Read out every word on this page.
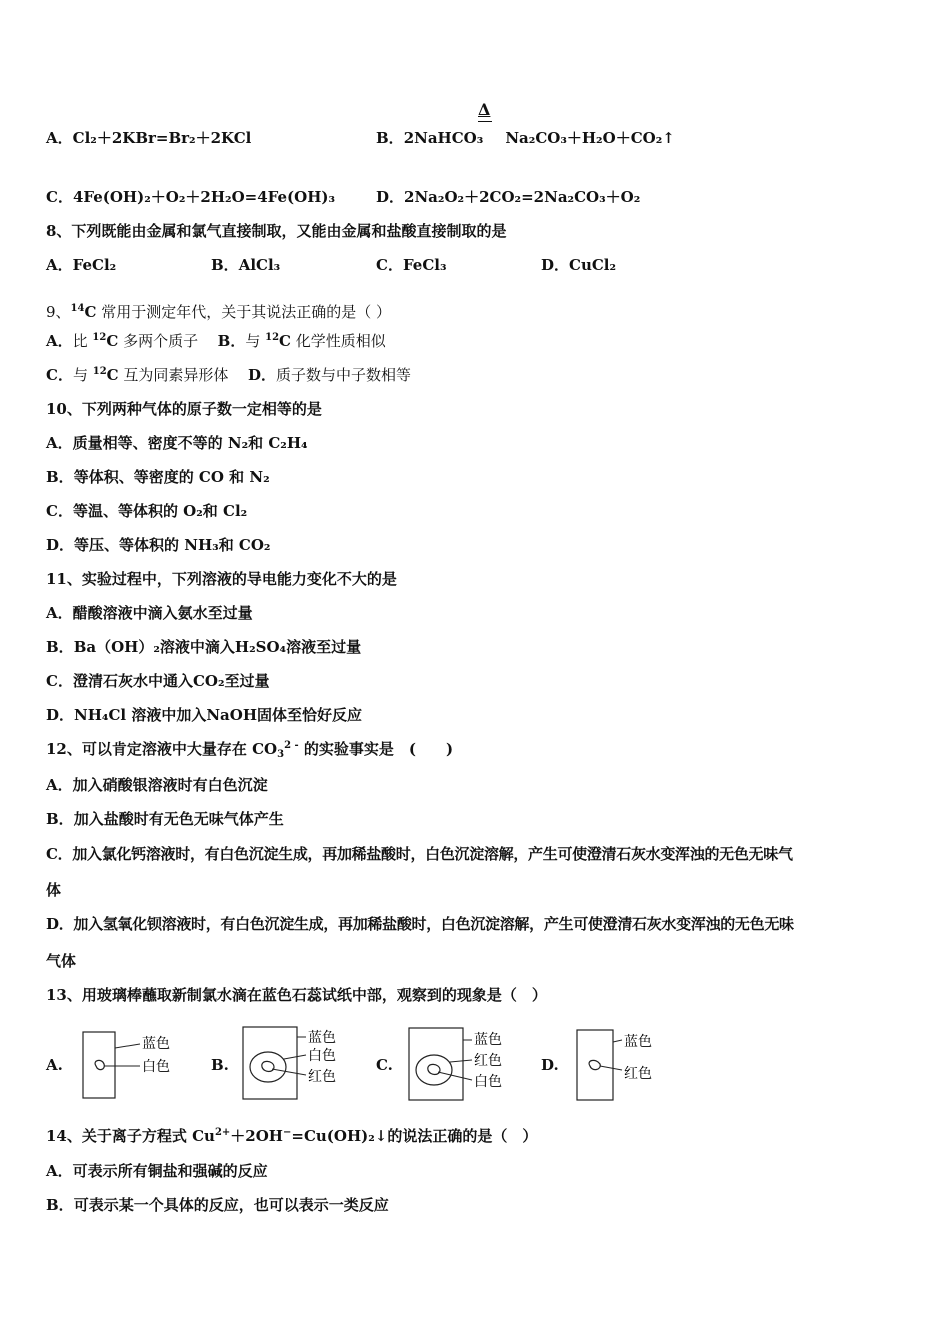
A．Cl₂＋2KBr=Br₂＋2KCl
Δ
B．2NaHCO₃ Na₂CO₃＋H₂O＋CO₂↑
C．4Fe(OH)₂＋O₂＋2H₂O=4Fe(OH)₃	D．2Na₂O₂＋2CO₂=2Na₂CO₃＋O₂
8、下列既能由金属和氯气直接制取，又能由金属和盐酸直接制取的是
A．FeCl₂	B．AlCl₃	C．FeCl₃	D．CuCl₂
9、$^{14}$C 常用于测定年代，关于其说法正确的是（ ）
A．比 $^{12}$C 多两个质子 B．与 $^{12}$C 化学性质相似
C．与 $^{12}$C 互为同素异形体 D．质子数与中子数相等
10、下列两种气体的原子数一定相等的是
A．质量相等、密度不等的 N₂和 C₂H₄
B．等体积、等密度的 CO 和 N₂
C．等温、等体积的 O₂和 Cl₂
D．等压、等体积的 NH₃和 CO₂
11、实验过程中，下列溶液的导电能力变化不大的是
A．醋酸溶液中滴入氨水至过量
B．Ba（OH）₂溶液中滴入H₂SO₄溶液至过量
C．澄清石灰水中通入CO₂至过量
D．NH₄Cl 溶液中加入NaOH固体至恰好反应
12、可以肯定溶液中大量存在 $CO_3^{2 -}$ 的实验事实是　(　　)
A．加入硝酸银溶液时有白色沉淀
B．加入盐酸时有无色无味气体产生
C．加入氯化钙溶液时，有白色沉淀生成，再加稀盐酸时，白色沉淀溶解，产生可使澄清石灰水变浑浊的无色无味气
体
D．加入氢氧化钡溶液时，有白色沉淀生成，再加稀盐酸时，白色沉淀溶解，产生可使澄清石灰水变浑浊的无色无味
气体
13、用玻璃棒蘸取新制氯水滴在蓝色石蕊试纸中部，观察到的现象是（　）
A.
蓝色
白色	B.
蓝色
白色
红色
C.
蓝色
红色
白色
D.
蓝色
红色
14、关于离子方程式 $Cu^{2+}+2OH^-=Cu(OH)_2↓$的说法正确的是（　）
A．可表示所有铜盐和强碱的反应
B．可表示某一个具体的反应，也可以表示一类反应
